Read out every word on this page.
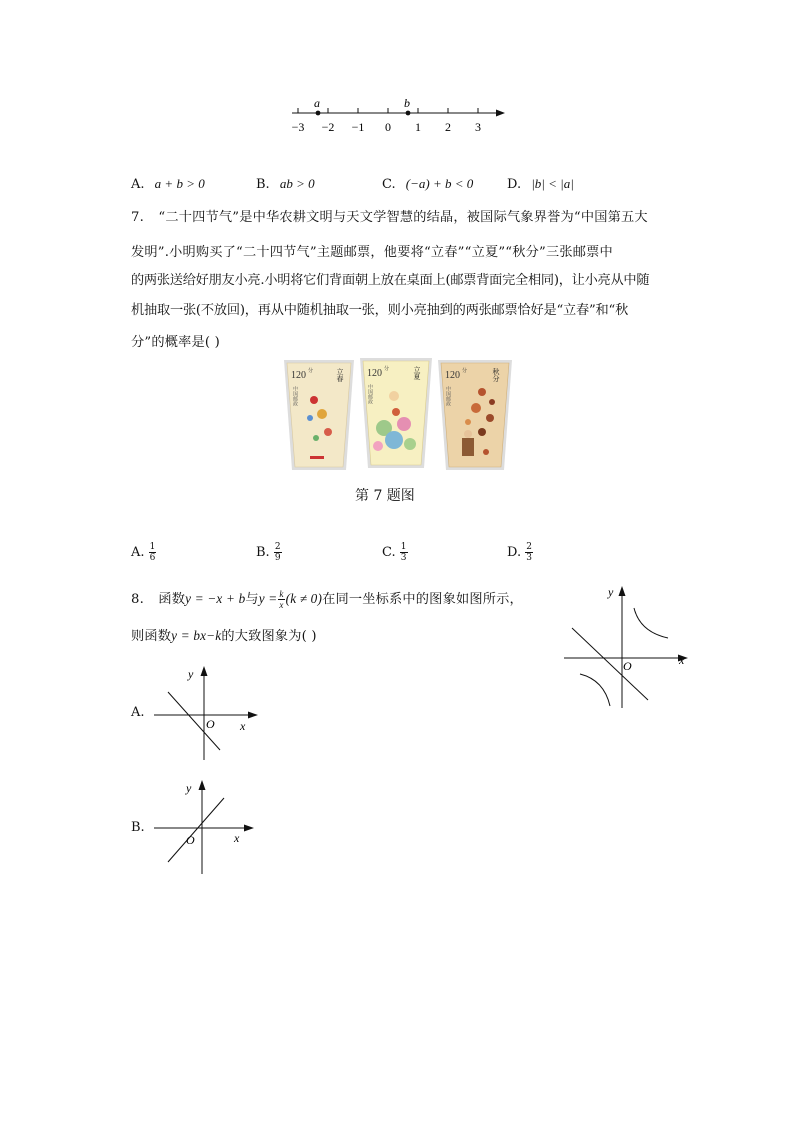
−3 −2 −1 0 1 2 3
a	b
A. a + b > 0	B. ab > 0	C. (−a) + b < 0	D. |b| < |a|
7. “二十四节气”是中华农耕文明与天文学智慧的结晶，被国际气象界誉为“中国第五大
发明”.小明购买了“二十四节气”主题邮票，他要将“立春”“立夏”“秋分”三张邮票中
的两张送给好朋友小亮.小明将它们背面朝上放在桌面上(邮票背面完全相同)，让小亮从中随
机抽取一张(不放回)，再从中随机抽取一张，则小亮抽到的两张邮票恰好是“立春”和“秋
分”的概率是( )
120 分	立春
中国邮政
120 分	立夏
中国邮政
120 分	秋分
中国邮政
第 7 题图
A. $\frac{1}{6}$	B. $\frac{2}{9}$	C. $\frac{1}{3}$	D. $\frac{2}{3}$
8. 函数y = −x + b与$y = \frac{k}{x} (k \ne 0)$在同一坐标系中的图象如图所示，
则函数y = bx−k的大致图象为( )
x
y
O
A.
x
y
O
B.
x
y
O
